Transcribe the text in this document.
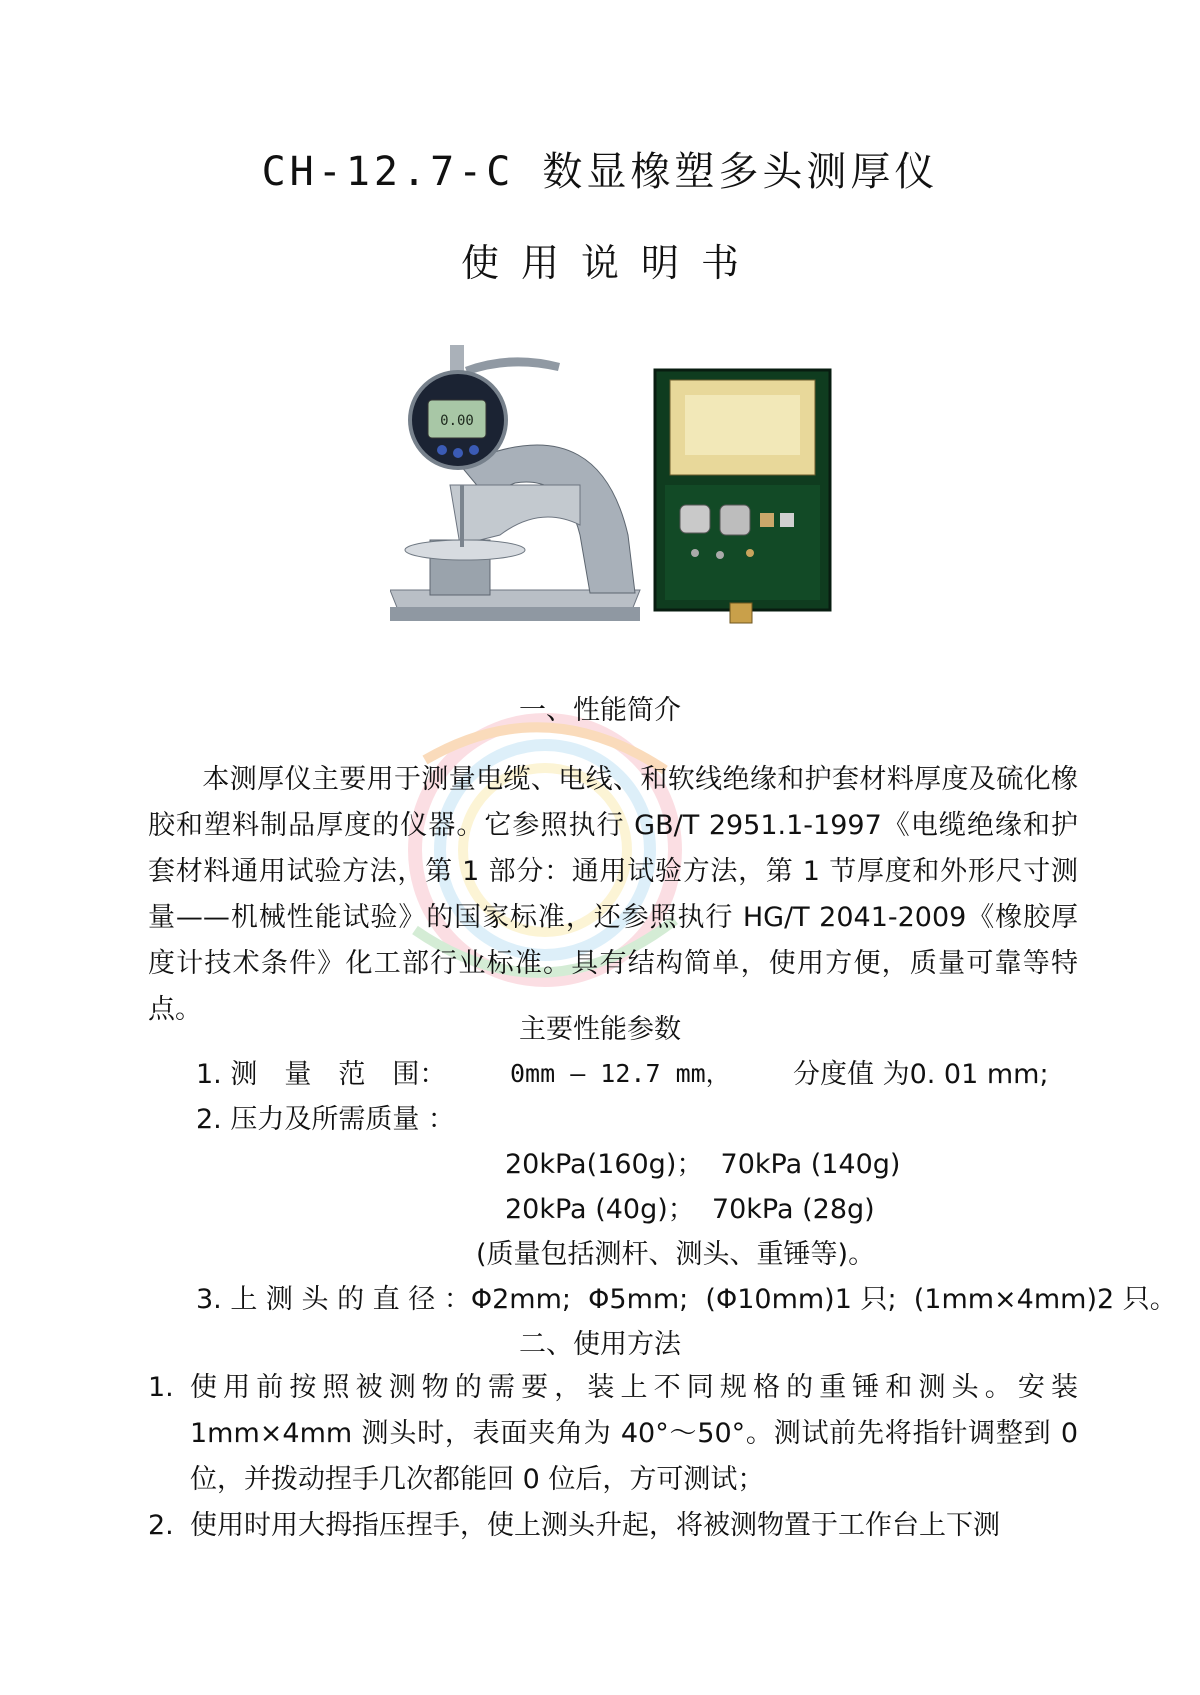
CH-12.7-C 数显橡塑多头测厚仪
使用说明书
0.00
一、性能简介
本测厚仪主要用于测量电缆、电线、和软线绝缘和护套材料厚度及硫化橡胶和塑料制品厚度的仪器。它参照执行 GB/T 2951.1-1997《电缆绝缘和护套材料通用试验方法，第 1 部分：通用试验方法，第 1 节厚度和外形尺寸测量——机械性能试验》的国家标准，还参照执行 HG/T 2041-2009《橡胶厚度计技术条件》化工部行业标准。具有结构简单，使用方便，质量可靠等特点。
主要性能参数
1. 测　量　范　围：	0mm — 12.7 mm， 分度值 为0. 01 mm;
2. 压力及所需质量 ：
20kPa(160g)；  70kPa (140g)
20kPa (40g)；  70kPa (28g)
(质量包括测杆、测头、重锤等)。
3. 上 测 头 的 直 径 ：Φ2mm;  Φ5mm;  (Φ10mm)1 只;  (1mm×4mm)2 只。
二、使用方法
1. 使用前按照被测物的需要，装上不同规格的重锤和测头。安装 1mm×4mm 测头时，表面夹角为 40°～50°。测试前先将指针调整到 0 位，并拨动捏手几次都能回 0 位后，方可测试；
2. 使用时用大拇指压捏手，使上测头升起，将被测物置于工作台上下测
